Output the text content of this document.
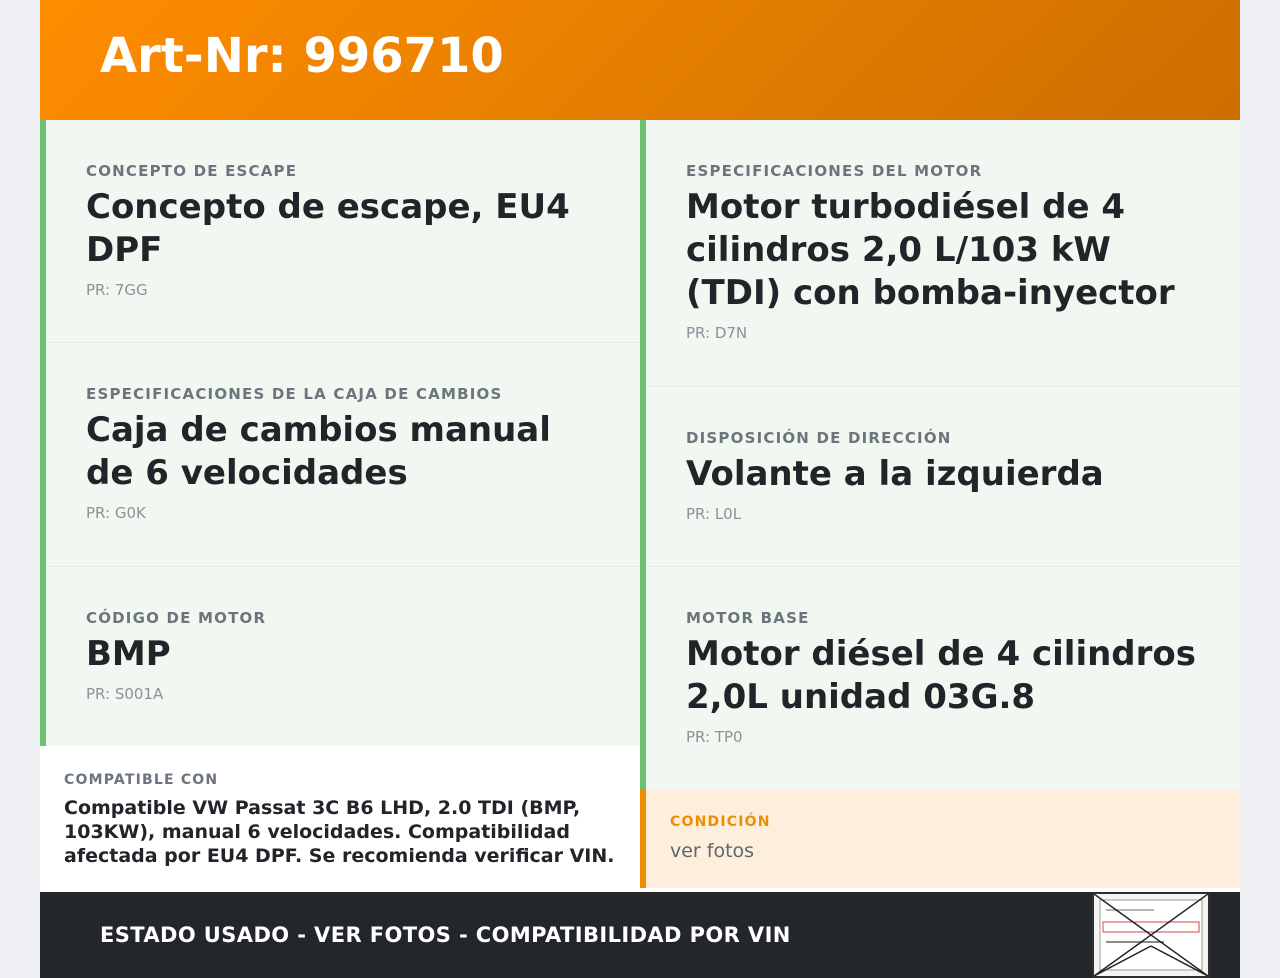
Art-Nr: 996710
CONCEPTO DE ESCAPE
Concepto de escape, EU4 DPF
PR: 7GG
ESPECIFICACIONES DE LA CAJA DE CAMBIOS
Caja de cambios manual de 6 velocidades
PR: G0K
CÓDIGO DE MOTOR
BMP
PR: S001A
ESPECIFICACIONES DEL MOTOR
Motor turbodiésel de 4 cilindros 2,0 L/103 kW (TDI) con bomba-inyector
PR: D7N
DISPOSICIÓN DE DIRECCIÓN
Volante a la izquierda
PR: L0L
MOTOR BASE
Motor diésel de 4 cilindros 2,0L unidad 03G.8
PR: TP0
COMPATIBLE CON
Compatible VW Passat 3C B6 LHD, 2.0 TDI (BMP, 103KW), manual 6 velocidades. Compatibilidad afectada por EU4 DPF. Se recomienda verificar VIN.
CONDICIÓN
ver fotos
ESTADO USADO - VER FOTOS - COMPATIBILIDAD POR VIN
